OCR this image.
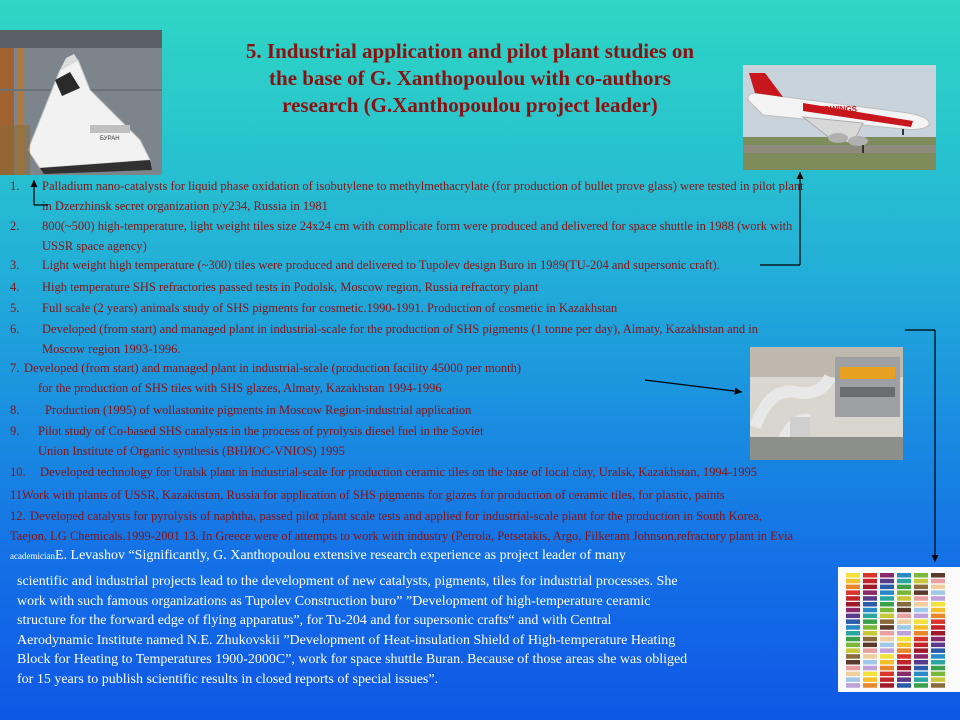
5. Industrial application and pilot plant studies on
the base of G. Xanthopoulou with co-authors
research (G.Xanthopoulou project leader)
БУРАН
REDWINGS
1. Palladium nano-catalysts for liquid phase oxidation of isobutylene to methylmethacrylate (for production of bullet prove glass) were tested in pilot plant
in Dzerzhinsk secret organization p/y234, Russia in 1981
2. 800(~500) high-temperature, light weight tiles size 24x24 cm with complicate form were produced and delivered for space shuttle in 1988 (work with
USSR space agency)
3. Light weight high temperature (~300) tiles were produced and delivered to Tupolev design Buro in 1989(TU-204 and supersonic craft).
4. High temperature SHS refractories passed tests in Podolsk, Moscow region, Russia refractory plant
5. Full scale (2 years) animals study of SHS pigments for cosmetic.1990-1991. Production of cosmetic in Kazakhstan
6. Developed (from start) and managed plant in industrial-scale for the production of SHS pigments (1 tonne per day), Almaty, Kazakhstan and in
Moscow region 1993-1996.
7. Developed (from start) and managed plant in industrial-scale (production facility 45000 per month)
for the production of SHS tiles with SHS glazes, Almaty, Kazakhstan 1994-1996
8. Production (1995) of wollastonite pigments in Moscow Region-industrial application
9. Pilot study of Co-based SHS catalysts in the process of pyrolysis diesel fuel in the Soviet
Union Institute of Organic synthesis (ВНИОС-VNIOS) 1995
10. Developed technology for Uralsk plant in industrial-scale for production ceramic tiles on the base of local clay, Uralsk, Kazakhstan, 1994-1995
11.
Work with plants of USSR, Kazakhstan, Russia for application of SHS pigments for glazes for production of ceramic tiles, for plastic, paints
12. Developed catalysts for pyrolysis of naphtha, passed pilot plant scale tests and applied for industrial-scale plant for the production in South Korea,
Taejon, LG Chemicals.1999-2001 13. In Greece were of attempts to work with industry (Petrola, Petsetakis, Argo, Filkeram Johnson,refractory plant in Evia
academicianE. Levashov “Significantly, G. Xanthopoulou extensive research experience as project leader of many
scientific and industrial projects lead to the development of new catalysts, pigments, tiles for industrial processes. She
work with such famous organizations as Tupolev Construction buro” ”Development of high-temperature ceramic
structure for the forward edge of flying apparatus”, for Tu-204 and for supersonic crafts“ and with Central
Aerodynamic Institute named N.E. Zhukovskii ”Development of Heat-insulation Shield of High-temperature Heating
Block for Heating to Temperatures 1900-2000C”, work for space shuttle Buran. Because of those areas she was obliged
for 15 years to publish scientific results in closed reports of special issues”.
